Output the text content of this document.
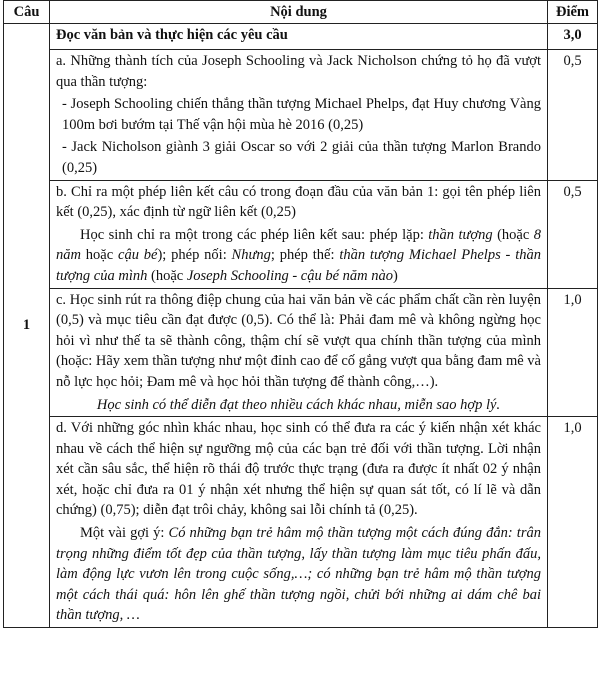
Câu	Nội dung	Điểm
1	Đọc văn bản và thực hiện các yêu cầu	3,0

	a. Những thành tích của Joseph Schooling và Jack Nicholson chứng tỏ họ đã vượt qua thần tượng:
- Joseph Schooling chiến thắng thần tượng Michael Phelps, đạt Huy chương Vàng 100m bơi bướm tại Thế vận hội mùa hè 2016 (0,25)
- Jack Nicholson giành 3 giải Oscar so với 2 giải của thần tượng Marlon Brando (0,25)	0,5

	b. Chỉ ra một phép liên kết câu có trong đoạn đầu của văn bản 1: gọi tên phép liên kết (0,25), xác định từ ngữ liên kết (0,25)
Học sinh chỉ ra một trong các phép liên kết sau: phép lặp: thần tượng (hoặc 8 năm hoặc cậu bé); phép nối: Nhưng; phép thế: thần tượng Michael Phelps - thần tượng của mình (hoặc Joseph Schooling - cậu bé năm nào)	0,5

	c. Học sinh rút ra thông điệp chung của hai văn bản về các phẩm chất cần rèn luyện (0,5) và mục tiêu cần đạt được (0,5). Có thể là: Phải đam mê và không ngừng học hỏi vì như thế ta sẽ thành công, thậm chí sẽ vượt qua chính thần tượng của mình (hoặc: Hãy xem thần tượng như một đỉnh cao để cố gắng vượt qua bằng đam mê và nỗ lực học hỏi; Đam mê và học hỏi thần tượng để thành công,…).
Học sinh có thể diễn đạt theo nhiều cách khác nhau, miễn sao hợp lý.	1,0

	d. Với những góc nhìn khác nhau, học sinh có thể đưa ra các ý kiến nhận xét khác nhau về cách thể hiện sự ngưỡng mộ của các bạn trẻ đối với thần tượng. Lời nhận xét cần sâu sắc, thể hiện rõ thái độ trước thực trạng (đưa ra được ít nhất 02 ý nhận xét, hoặc chỉ đưa ra 01 ý nhận xét nhưng thể hiện sự quan sát tốt, có lí lẽ và dẫn chứng) (0,75); diễn đạt trôi chảy, không sai lỗi chính tả (0,25).
Một vài gợi ý: Có những bạn trẻ hâm mộ thần tượng một cách đúng đắn: trân trọng những điểm tốt đẹp của thần tượng, lấy thần tượng làm mục tiêu phấn đấu, làm động lực vươn lên trong cuộc sống,…; có những bạn trẻ hâm mộ thần tượng một cách thái quá: hôn lên ghế thần tượng ngồi, chửi bới những ai dám chê bai thần tượng, …	1,0
